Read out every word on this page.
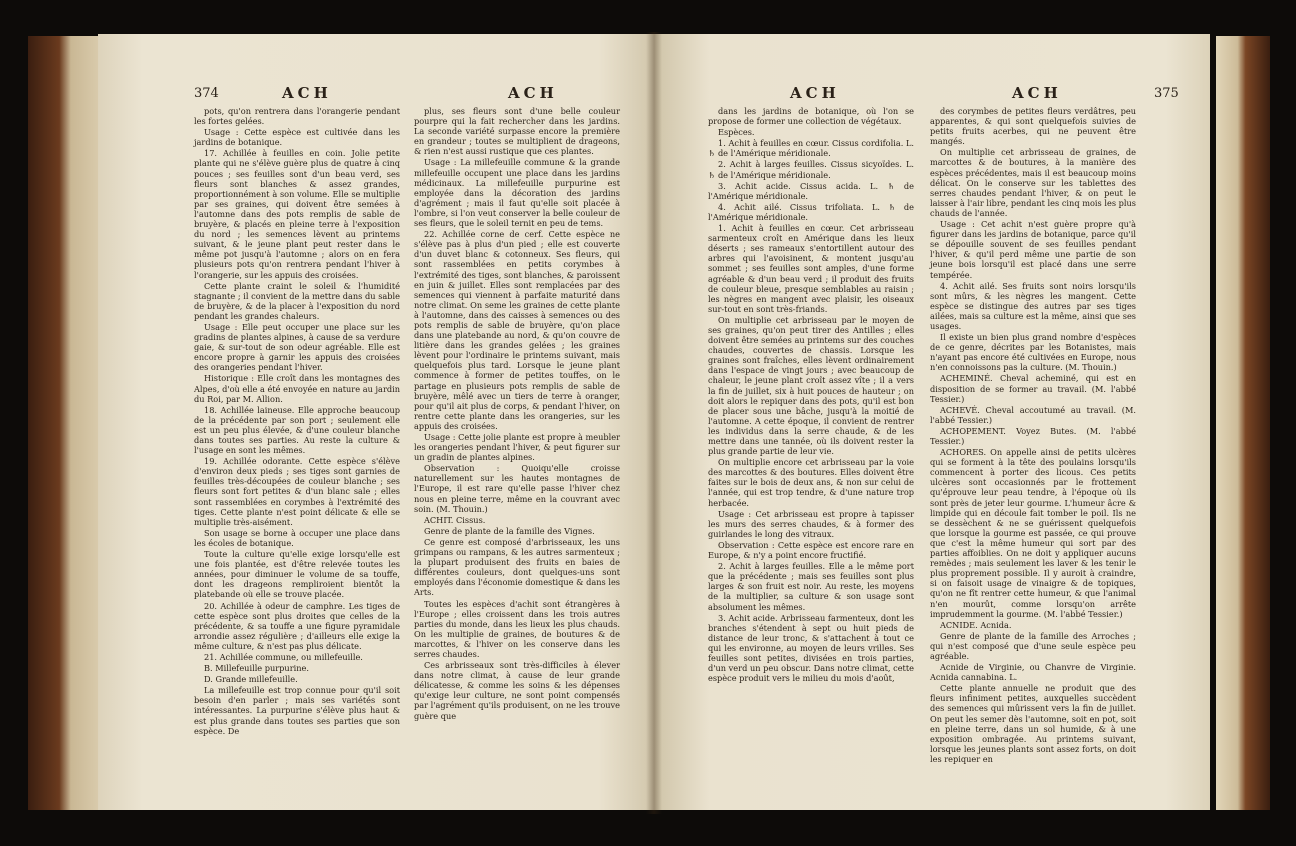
374	ACH	ACH

pots, qu'on rentrera dans l'orangerie pendant les fortes gelées.

Usage : Cette espèce est cultivée dans les jardins de botanique.

17. Achillée à feuilles en coin. Jolie petite plante qui ne s'élève guère plus de quatre à cinq pouces ; ses feuilles sont d'un beau verd, ses fleurs sont blanches & assez grandes, proportionnément à son volume. Elle se multiplie par ses graines, qui doivent être semées à l'automne dans des pots remplis de sable de bruyère, & placés en pleine terre à l'exposition du nord ; les semences lèvent au printems suivant, & le jeune plant peut rester dans le même pot jusqu'à l'automne ; alors on en fera plusieurs pots qu'on rentrera pendant l'hiver à l'orangerie, sur les appuis des croisées.

Cette plante craint le soleil & l'humidité stagnante ; il convient de la mettre dans du sable de bruyère, & de la placer à l'exposition du nord pendant les grandes chaleurs.

Usage : Elle peut occuper une place sur les gradins de plantes alpines, à cause de sa verdure gaie, & sur-tout de son odeur agréable. Elle est encore propre à garnir les appuis des croisées des orangeries pendant l'hiver.

Historique : Elle croît dans les montagnes des Alpes, d'où elle a été envoyée en nature au jardin du Roi, par M. Allion.

18. Achillée laineuse. Elle approche beaucoup de la précédente par son port ; seulement elle est un peu plus élevée, & d'une couleur blanche dans toutes ses parties. Au reste la culture & l'usage en sont les mêmes.

19. Achillée odorante. Cette espèce s'élève d'environ deux pieds ; ses tiges sont garnies de feuilles très-découpées de couleur blanche ; ses fleurs sont fort petites & d'un blanc sale ; elles sont rassemblées en corymbes à l'extrémité des tiges. Cette plante n'est point délicate & elle se multiplie très-aisément.

Son usage se borne à occuper une place dans les écoles de botanique.

Toute la culture qu'elle exige lorsqu'elle est une fois plantée, est d'être relevée toutes les années, pour diminuer le volume de sa touffe, dont les drageons rempliroient bientôt la platebande où elle se trouve placée.

20. Achillée à odeur de camphre. Les tiges de cette espèce sont plus droites que celles de la précédente, & sa touffe a une figure pyramidale arrondie assez régulière ; d'ailleurs elle exige la même culture, & n'est pas plus délicate.

21. Achillée commune, ou millefeuille.

B. Millefeuille purpurine.

D. Grande millefeuille.

La millefeuille est trop connue pour qu'il soit besoin d'en parler ; mais ses variétés sont intéressantes. La purpurine s'élève plus haut & est plus grande dans toutes ses parties que son espèce. De

plus, ses fleurs sont d'une belle couleur pourpre qui la fait rechercher dans les jardins. La seconde variété surpasse encore la première en grandeur ; toutes se multiplient de drageons, & rien n'est aussi rustique que ces plantes.

Usage : La millefeuille commune & la grande millefeuille occupent une place dans les jardins médicinaux. La millefeuille purpurine est employée dans la décoration des jardins d'agrément ; mais il faut qu'elle soit placée à l'ombre, si l'on veut conserver la belle couleur de ses fleurs, que le soleil ternit en peu de tems.

22. Achillée corne de cerf. Cette espèce ne s'élève pas à plus d'un pied ; elle est couverte d'un duvet blanc & cotonneux. Ses fleurs, qui sont rassemblées en petits corymbes à l'extrémité des tiges, sont blanches, & paroissent en juin & juillet. Elles sont remplacées par des semences qui viennent à parfaite maturité dans notre climat. On seme les graines de cette plante à l'automne, dans des caisses à semences ou des pots remplis de sable de bruyère, qu'on place dans une platebande au nord, & qu'on couvre de litière dans les grandes gelées ; les graines lèvent pour l'ordinaire le printems suivant, mais quelquefois plus tard. Lorsque le jeune plant commence à former de petites touffes, on le partage en plusieurs pots remplis de sable de bruyère, mêlé avec un tiers de terre à oranger, pour qu'il ait plus de corps, & pendant l'hiver, on rentre cette plante dans les orangeries, sur les appuis des croisées.

Usage : Cette jolie plante est propre à meubler les orangeries pendant l'hiver, & peut figurer sur un gradin de plantes alpines.

Observation : Quoiqu'elle croisse naturellement sur les hautes montagnes de l'Europe, il est rare qu'elle passe l'hiver chez nous en pleine terre, même en la couvrant avec soin. (M. Thouin.)

ACHIT. Cissus.

Genre de plante de la famille des Vignes.

Ce genre est composé d'arbrisseaux, les uns grimpans ou rampans, & les autres sarmenteux ; la plupart produisent des fruits en baies de différentes couleurs, dont quelques-uns sont employés dans l'économie domestique & dans les Arts.

Toutes les espèces d'achit sont étrangères à l'Europe ; elles croissent dans les trois autres parties du monde, dans les lieux les plus chauds. On les multiplie de graines, de boutures & de marcottes, & l'hiver on les conserve dans les serres chaudes.

Ces arbrisseaux sont très-difficiles à élever dans notre climat, à cause de leur grande délicatesse, & comme les soins & les dépenses qu'exige leur culture, ne sont point compensés par l'agrément qu'ils produisent, on ne les trouve guère que

ACH	ACH	375

dans les jardins de botanique, où l'on se propose de former une collection de végétaux.

Espèces.

1. Achit à feuilles en cœur. Cissus cordifolia. L. ♄ de l'Amérique méridionale.

2. Achit à larges feuilles. Cissus sicyoïdes. L. ♄ de l'Amérique méridionale.

3. Achit acide. Cissus acida. L. ♄ de l'Amérique méridionale.

4. Achit ailé. Cissus trifoliata. L. ♄ de l'Amérique méridionale.

1. Achit à feuilles en cœur. Cet arbrisseau sarmenteux croît en Amérique dans les lieux déserts ; ses rameaux s'entortillent autour des arbres qui l'avoisinent, & montent jusqu'au sommet ; ses feuilles sont amples, d'une forme agréable & d'un beau verd ; il produit des fruits de couleur bleue, presque semblables au raisin ; les nègres en mangent avec plaisir, les oiseaux sur-tout en sont très-friands.

On multiplie cet arbrisseau par le moyen de ses graines, qu'on peut tirer des Antilles ; elles doivent être semées au printems sur des couches chaudes, couvertes de chassis. Lorsque les graines sont fraîches, elles lèvent ordinairement dans l'espace de vingt jours ; avec beaucoup de chaleur, le jeune plant croît assez vîte ; il a vers la fin de juillet, six à huit pouces de hauteur ; on doit alors le repiquer dans des pots, qu'il est bon de placer sous une bâche, jusqu'à la moitié de l'automne. A cette époque, il convient de rentrer les individus dans la serre chaude, & de les mettre dans une tannée, où ils doivent rester la plus grande partie de leur vie.

On multiplie encore cet arbrisseau par la voie des marcottes & des boutures. Elles doivent être faites sur le bois de deux ans, & non sur celui de l'année, qui est trop tendre, & d'une nature trop herbacée.

Usage : Cet arbrisseau est propre à tapisser les murs des serres chaudes, & à former des guirlandes le long des vitraux.

Observation : Cette espèce est encore rare en Europe, & n'y a point encore fructifié.

2. Achit à larges feuilles. Elle a le même port que la précédente ; mais ses feuilles sont plus larges & son fruit est noir. Au reste, les moyens de la multiplier, sa culture & son usage sont absolument les mêmes.

3. Achit acide. Arbrisseau farmenteux, dont les branches s'étendent à sept ou huit pieds de distance de leur tronc, & s'attachent à tout ce qui les environne, au moyen de leurs vrilles. Ses feuilles sont petites, divisées en trois parties, d'un verd un peu obscur. Dans notre climat, cette espèce produit vers le milieu du mois d'août,

des corymbes de petites fleurs verdâtres, peu apparentes, & qui sont quelquefois suivies de petits fruits acerbes, qui ne peuvent être mangés.

On multiplie cet arbrisseau de graines, de marcottes & de boutures, à la manière des espèces précédentes, mais il est beaucoup moins délicat. On le conserve sur les tablettes des serres chaudes pendant l'hiver, & on peut le laisser à l'air libre, pendant les cinq mois les plus chauds de l'année.

Usage : Cet achit n'est guère propre qu'à figurer dans les jardins de botanique, parce qu'il se dépouille souvent de ses feuilles pendant l'hiver, & qu'il perd même une partie de son jeune bois lorsqu'il est placé dans une serre tempérée.

4. Achit ailé. Ses fruits sont noirs lorsqu'ils sont mûrs, & les nègres les mangent. Cette espèce se distingue des autres par ses tiges ailées, mais sa culture est la même, ainsi que ses usages.

Il existe un bien plus grand nombre d'espèces de ce genre, décrites par les Botanistes, mais n'ayant pas encore été cultivées en Europe, nous n'en connoissons pas la culture. (M. Thouin.)

ACHEMINÉ. Cheval acheminé, qui est en disposition de se former au travail. (M. l'abbé Tessier.)

ACHEVÉ. Cheval accoutumé au travail. (M. l'abbé Tessier.)

ACHOPEMENT. Voyez Butes. (M. l'abbé Tessier.)

ACHORES. On appelle ainsi de petits ulcères qui se forment à la tête des poulains lorsqu'ils commencent à porter des licous. Ces petits ulcères sont occasionnés par le frottement qu'éprouve leur peau tendre, à l'époque où ils sont près de jeter leur gourme. L'humeur âcre & limpide qui en découle fait tomber le poil. Ils ne se dessèchent & ne se guérissent quelquefois que lorsque la gourme est passée, ce qui prouve que c'est la même humeur qui sort par des parties affoiblies. On ne doit y appliquer aucuns remèdes ; mais seulement les laver & les tenir le plus proprement possible. Il y auroit à craindre, si on faisoit usage de vinaigre & de topiques, qu'on ne fît rentrer cette humeur, & que l'animal n'en mourût, comme lorsqu'on arrête imprudemment la gourme. (M. l'abbé Tessier.)

ACNIDE. Acnida.

Genre de plante de la famille des Arroches ; qui n'est composé que d'une seule espèce peu agréable.

Acnide de Virginie, ou Chanvre de Virginie. Acnida cannabina. L.

Cette plante annuelle ne produit que des fleurs infiniment petites, auxquelles succèdent des semences qui mûrissent vers la fin de juillet. On peut les semer dès l'automne, soit en pot, soit en pleine terre, dans un sol humide, & à une exposition ombragée. Au printems suivant, lorsque les jeunes plants sont assez forts, on doit les repiquer en
